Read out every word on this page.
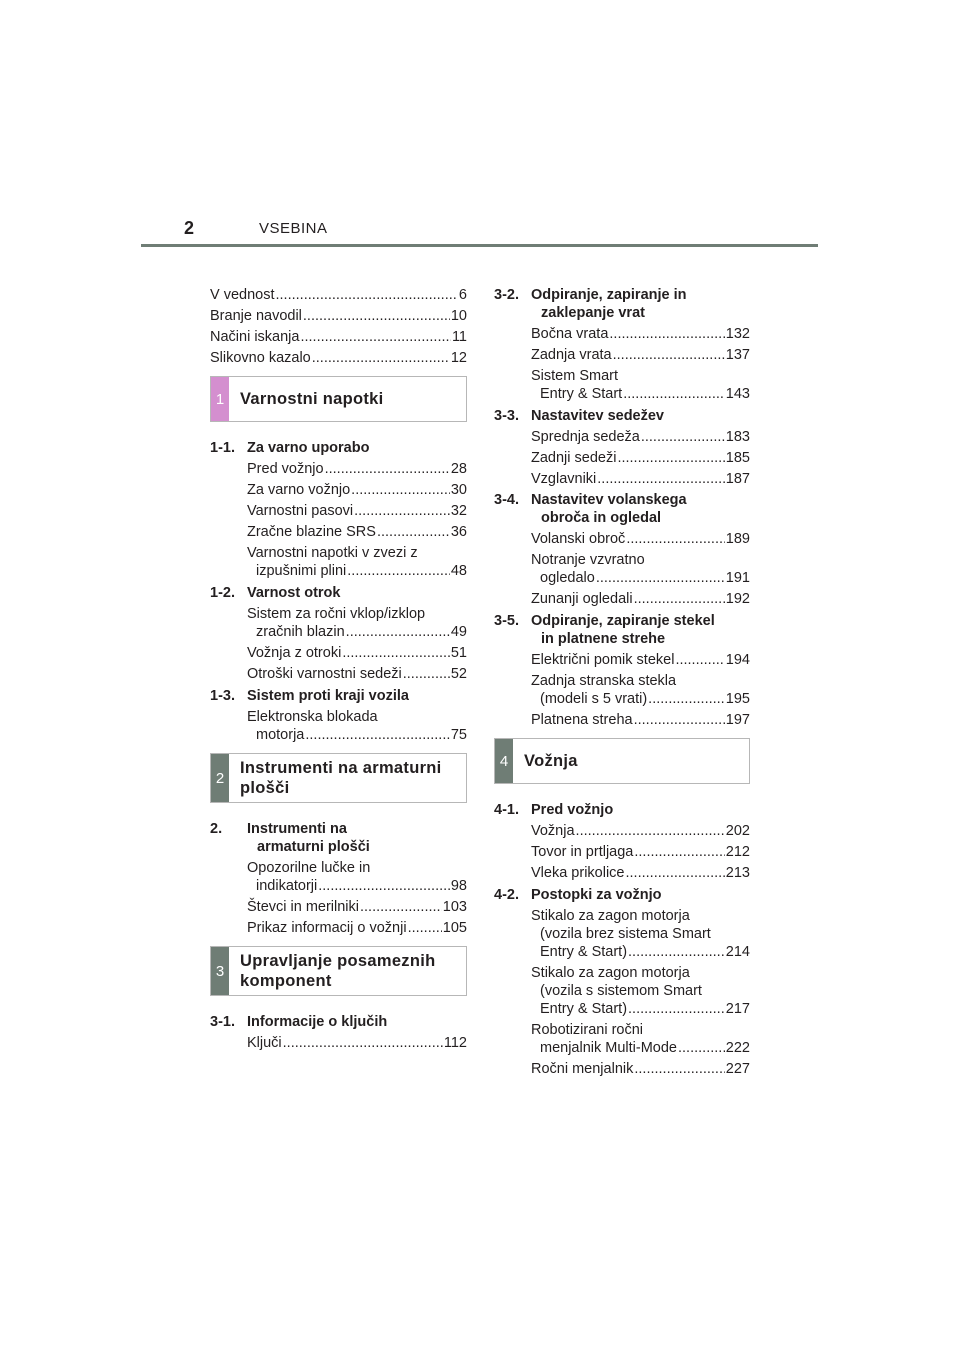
2	VSEBINA
V vednost .....	6
Branje navodil .....	10
Načini iskanja .....	11
Slikovno kazalo .....	12
1 Varnostni napotki
1-1. Za varno uporabo
Pred vožnjo .....	28
Za varno vožnjo .....	30
Varnostni pasovi .....	32
Zračne blazine SRS .....	36
Varnostni napotki v zvezi z
izpušnimi plini .....	48
1-2. Varnost otrok
Sistem za ročni vklop/izklop
zračnih blazin .....	49
Vožnja z otroki .....	51
Otroški varnostni sedeži .....	52
1-3. Sistem proti kraji vozila
Elektronska blokada
motorja .....	75
2
Instrumenti na armaturni
plošči
2.	Instrumenti na
armaturni plošči
Opozorilne lučke in
indikatorji .....	98
Števci in merilniki .....	103
Prikaz informacij o vožnji ..... 105
3
Upravljanje posameznih
komponent
3-1. Informacije o ključih
Ključi .....	112
3-2. Odpiranje, zapiranje in
zaklepanje vrat
Bočna vrata .....	132
Zadnja vrata .....	137
Sistem Smart
Entry & Start .....	143
3-3. Nastavitev sedežev
Sprednja sedeža .....	183
Zadnji sedeži .....	185
Vzglavniki .....	187
3-4. Nastavitev volanskega
obroča in ogledal
Volanski obroč .....	189
Notranje vzvratno
ogledalo .....	191
Zunanji ogledali .....	192
3-5. Odpiranje, zapiranje stekel
in platnene strehe
Električni pomik stekel .....	194
Zadnja stranska stekla
(modeli s 5 vrati) .....	195
Platnena streha .....	197
4 Vožnja
4-1. Pred vožnjo
Vožnja .....	202
Tovor in prtljaga .....	212
Vleka prikolice .....	213
4-2. Postopki za vožnjo
Stikalo za zagon motorja
(vozila brez sistema Smart
Entry & Start) .....	214
Stikalo za zagon motorja
(vozila s sistemom Smart
Entry & Start) .....	217
Robotizirani ročni
menjalnik Multi-Mode .....	222
Ročni menjalnik .....	227
